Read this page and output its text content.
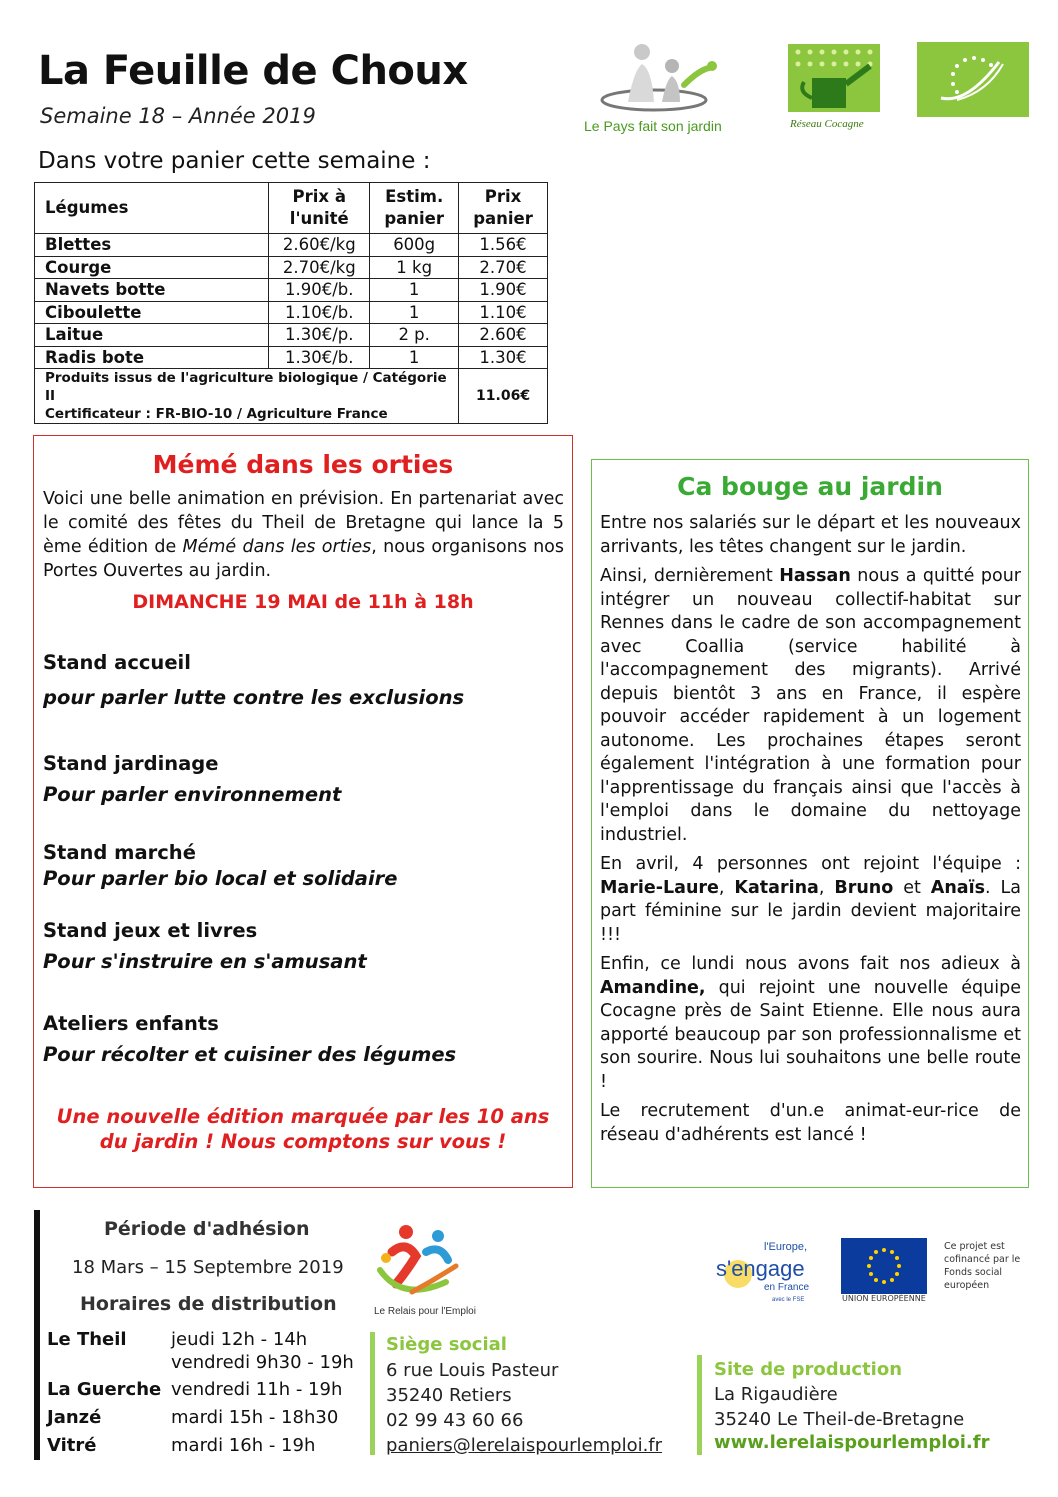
La Feuille de Choux
Semaine 18 – Année 2019
Dans votre panier cette semaine :
Le Pays fait son jardin	Réseau Cocagne
Légumes	Prix à l'unité	Estim. panier	Prix panier
Blettes	2.60€/kg	600g	1.56€
Courge	2.70€/kg	1 kg	2.70€
Navets botte	1.90€/b.	1	1.90€
Ciboulette	1.10€/b.	1	1.10€
Laitue	1.30€/p.	2 p.	2.60€
Radis bote	1.30€/b.	1	1.30€

Produits issus de l'agriculture biologique / Catégorie II
Certificateur : FR-BIO-10 / Agriculture France			11.06€
Mémé dans les orties
Voici une belle animation en prévision. En partenariat avec le comité des fêtes du Theil de Bretagne qui lance la 5 ème édition de Mémé dans les orties, nous organisons nos Portes Ouvertes au jardin.
DIMANCHE 19 MAI de 11h à 18h
Stand accueil
pour parler lutte contre les exclusions
Stand jardinage
Pour parler environnement
Stand marché
Pour parler bio local et solidaire
Stand jeux et livres
Pour s'instruire en s'amusant
Ateliers enfants
Pour récolter et cuisiner des légumes
Une nouvelle édition marquée par les 10 ans
du jardin ! Nous comptons sur vous !
Ca bouge au jardin

Entre nos salariés sur le départ et les nouveaux arrivants, les têtes changent sur le jardin.

Ainsi, dernièrement Hassan nous a quitté pour intégrer un nouveau collectif-habitat sur Rennes dans le cadre de son accompagnement avec Coallia (service habilité à l'accompagnement des migrants). Arrivé depuis bientôt 3 ans en France, il espère pouvoir accéder rapidement à un logement autonome. Les prochaines étapes seront également l'intégration à une formation pour l'apprentissage du français ainsi que l'accès à l'emploi dans le domaine du nettoyage industriel.

En avril, 4 personnes ont rejoint l'équipe : Marie-Laure, Katarina, Bruno et Anaïs. La part féminine sur le jardin devient majoritaire !!!

Enfin, ce lundi nous avons fait nos adieux à Amandine, qui rejoint une nouvelle équipe Cocagne près de Saint Etienne. Elle nous aura apporté beaucoup par son professionnalisme et son sourire. Nous lui souhaitons une belle route !

Le recrutement d'un.e animat-eur-rice de réseau d'adhérents est lancé !

Période d'adhésion
18 Mars – 15 Septembre 2019
Horaires de distribution
Le Theil jeudi 12h - 14h
vendredi 9h30 - 19h
La Guerche vendredi 11h - 19h
Janzé	mardi 15h - 18h30
Vitré	mardi 16h - 19h
Le Relais pour l'Emploi
Siège social
6 rue Louis Pasteur
35240 Retiers
02 99 43 60 66
paniers@lerelaispourlemploi.fr
Site de production
La Rigaudière
35240 Le Theil-de-Bretagne
www.lerelaispourlemploi.fr
l'Europe,
s'engage
en France
avec le FSE	UNION EUROPÉENNE
Ce projet est cofinancé par le Fonds social européen
